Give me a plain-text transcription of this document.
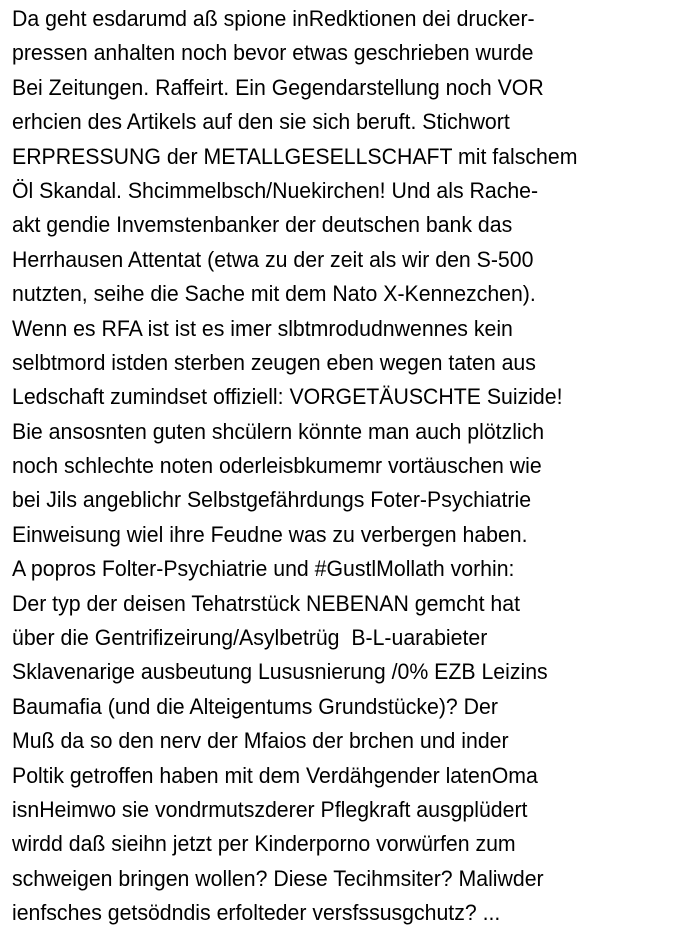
Da geht esdarumd aß spione inRedktionen dei drucker-
pressen anhalten noch bevor etwas geschrieben wurde
Bei Zeitungen. Raffeirt. Ein Gegendarstellung noch VOR
erhcien des Artikels auf den sie sich beruft. Stichwort
ERPRESSUNG der METALLGESELLSCHAFT mit falschem
Öl Skandal. Shcimmelbsch/Nuekirchen! Und als Rache-
akt gendie Invemstenbanker der deutschen bank das
Herrhausen Attentat (etwa zu der zeit als wir den S-500
nutzten, seihe die Sache mit dem Nato X-Kennezchen).
Wenn es RFA ist ist es imer slbtmrodudnwennes kein
selbtmord istden sterben zeugen eben wegen taten aus
Ledschaft zumindset offiziell: VORGETÄUSCHTE Suizide!
Bie ansosnten guten shcülern könnte man auch plötzlich
noch schlechte noten oderleisbkumemr vortäuschen wie
bei Jils angeblichr Selbstgefährdungs Foter-Psychiatrie
Einweisung wiel ihre Feudne was zu verbergen haben.
A popros Folter-Psychiatrie und #GustlMollath vorhin:
Der typ der deisen Tehatrstück NEBENAN gemcht hat
über die Gentrifizeirung/Asylbetrüg  B-L-uarabieter
Sklavenarige ausbeutung Lususnierung /0% EZB Leizins
Baumafia (und die Alteigentums Grundstücke)? Der
Muß da so den nerv der Mfaios der brchen und inder
Poltik getroffen haben mit dem Verdähgender latenOma
isnHeimwo sie vondrmutszderer Pflegkraft ausgplüdert
wirdd daß sieihn jetzt per Kinderporno vorwürfen zum
schweigen bringen wollen? Diese Tecihmsiter? Maliwder
ienfsches getsödndis erfolteder versfssusgchutz? ...
